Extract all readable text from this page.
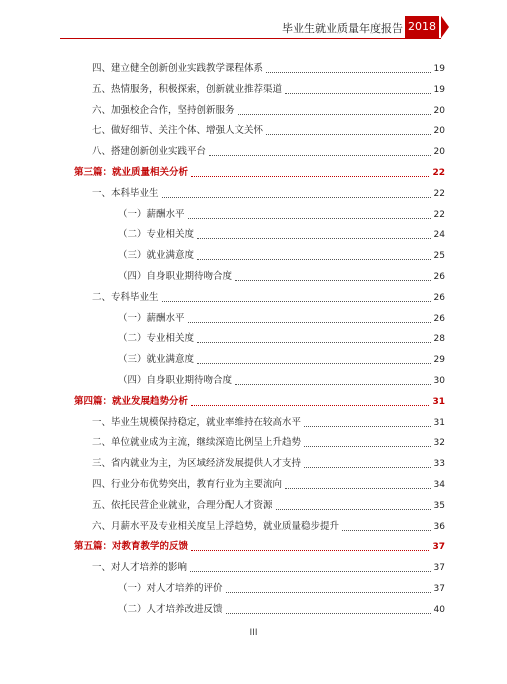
毕业生就业质量年度报告 2018届
四、建立健全创新创业实践教学课程体系	19
五、热情服务，积极探索，创新就业推荐渠道	19
六、加强校企合作，坚持创新服务	20
七、做好细节、关注个体、增强人文关怀	20
八、搭建创新创业实践平台	20
第三篇：就业质量相关分析	22
一、本科毕业生	22
（一）薪酬水平	22
（二）专业相关度	24
（三）就业满意度	25
（四）自身职业期待吻合度	26
二、专科毕业生	26
（一）薪酬水平	26
（二）专业相关度	28
（三）就业满意度	29
（四）自身职业期待吻合度	30
第四篇：就业发展趋势分析	31
一、毕业生规模保持稳定，就业率维持在较高水平	31
二、单位就业成为主流，继续深造比例呈上升趋势	32
三、省内就业为主，为区域经济发展提供人才支持	33
四、行业分布优势突出，教育行业为主要流向	34
五、依托民营企业就业，合理分配人才资源	35
六、月薪水平及专业相关度呈上浮趋势，就业质量稳步提升	36
第五篇：对教育教学的反馈	37
一、对人才培养的影响	37
（一）对人才培养的评价	37
（二）人才培养改进反馈	40
III
